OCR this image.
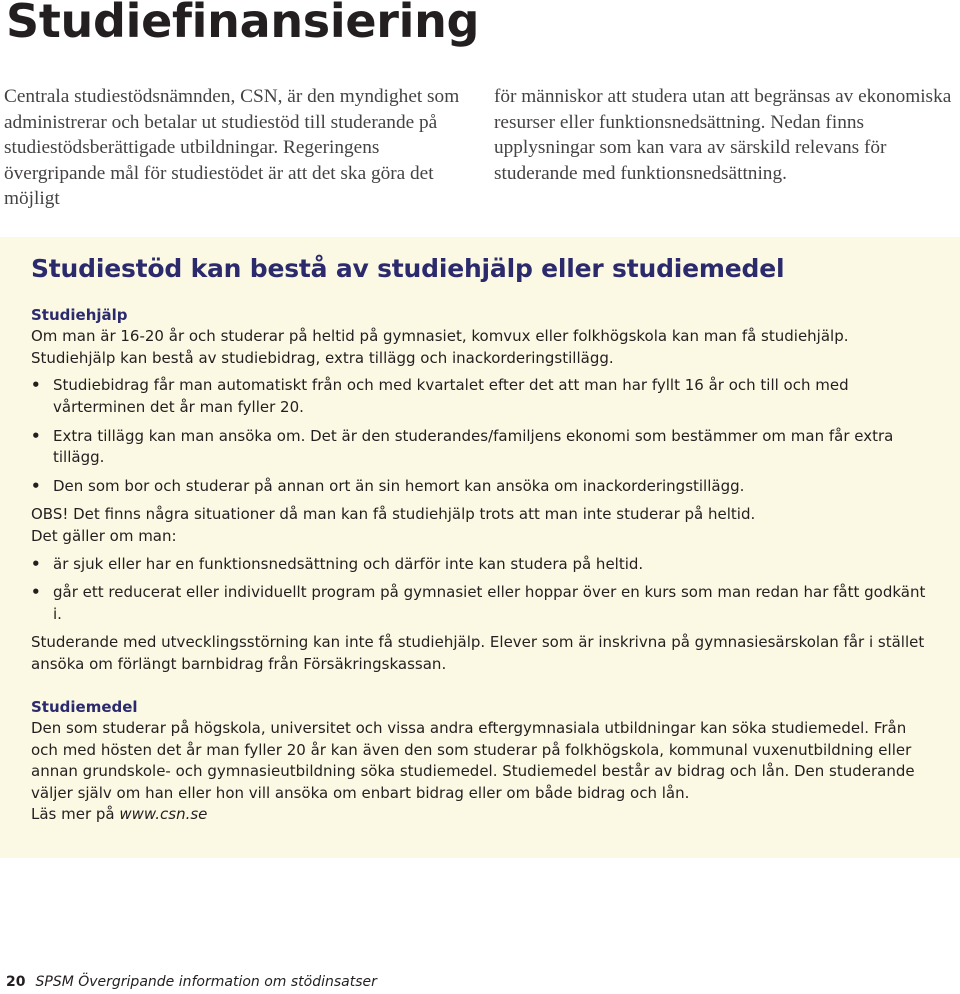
Studiefinansiering

Centrala studiestödsnämnden, CSN, är den myndighet som administrerar och betalar ut studiestöd till studerande på studiestödsberättigade utbildningar. Regeringens övergripande mål för studiestödet är att det ska göra det möjligt

för människor att studera utan att begränsas av ekonomiska resurser eller funktionsnedsättning. Nedan finns upplysningar som kan vara av särskild relevans för studerande med funktionsnedsättning.

Studiestöd kan bestå av studiehjälp eller studiemedel
Studiehjälp

Om man är 16-20 år och studerar på heltid på gymnasiet, komvux eller folkhögskola kan man få studiehjälp.

Studiehjälp kan bestå av studiebidrag, extra tillägg och inackorderingstillägg.

• Studiebidrag får man automatiskt från och med kvartalet efter det att man har fyllt 16 år och till och med vårterminen det år man fyller 20.
• Extra tillägg kan man ansöka om. Det är den studerandes/familjens ekonomi som bestämmer om man får extra tillägg.
• Den som bor och studerar på annan ort än sin hemort kan ansöka om inackorderingstillägg.

OBS! Det finns några situationer då man kan få studiehjälp trots att man inte studerar på heltid.

Det gäller om man:

• är sjuk eller har en funktionsnedsättning och därför inte kan studera på heltid.
• går ett reducerat eller individuellt program på gymnasiet eller hoppar över en kurs som man redan har fått godkänt i.

Studerande med utvecklingsstörning kan inte få studiehjälp. Elever som är inskrivna på gymnasiesärskolan får i stället ansöka om förlängt barnbidrag från Försäkringskassan.

Studiemedel

Den som studerar på högskola, universitet och vissa andra eftergymnasiala utbildningar kan söka studiemedel. Från och med hösten det år man fyller 20 år kan även den som studerar på folkhögskola, kommunal vuxenutbildning eller annan grundskole- och gymnasieutbildning söka studiemedel. Studiemedel består av bidrag och lån. Den studerande väljer själv om han eller hon vill ansöka om enbart bidrag eller om både bidrag och lån.

Läs mer på www.csn.se

20 SPSM Övergripande information om stödinsatser
